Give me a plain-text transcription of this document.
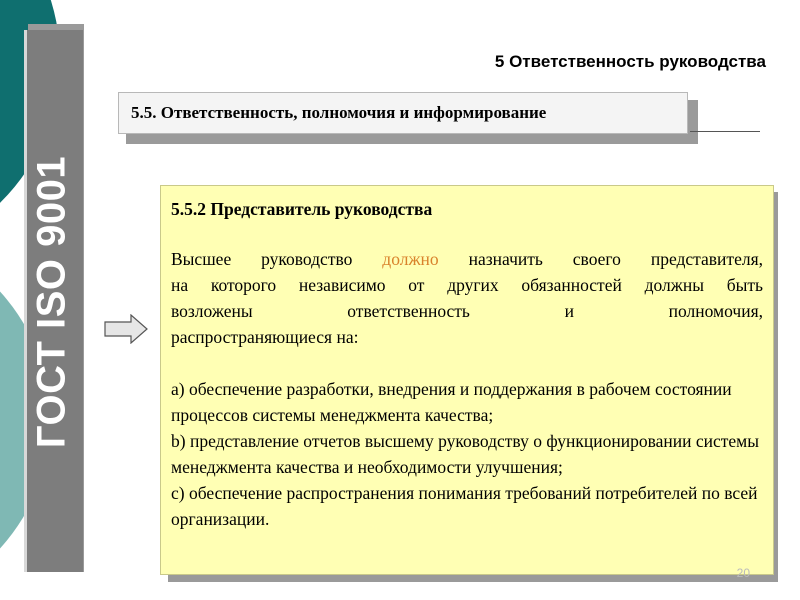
ГОСТ ISO 9001
5 Ответственность руководства
5.5. Ответственность, полномочия и информирование
5.5.2 Представитель руководства

Высшее руководство должно назначить своего представителя,

на которого независимо от других обязанностей должны быть

возложены ответственность и полномочия,

распространяющиеся на:

а) обеспечение разработки, внедрения и поддержания в рабочем состоянии процессов системы менеджмента качества;

b) представление отчетов высшему руководству о функционировании системы менеджмента качества и необходимости улучшения;

с) обеспечение распространения понимания требований потребителей по всей организации.

20
